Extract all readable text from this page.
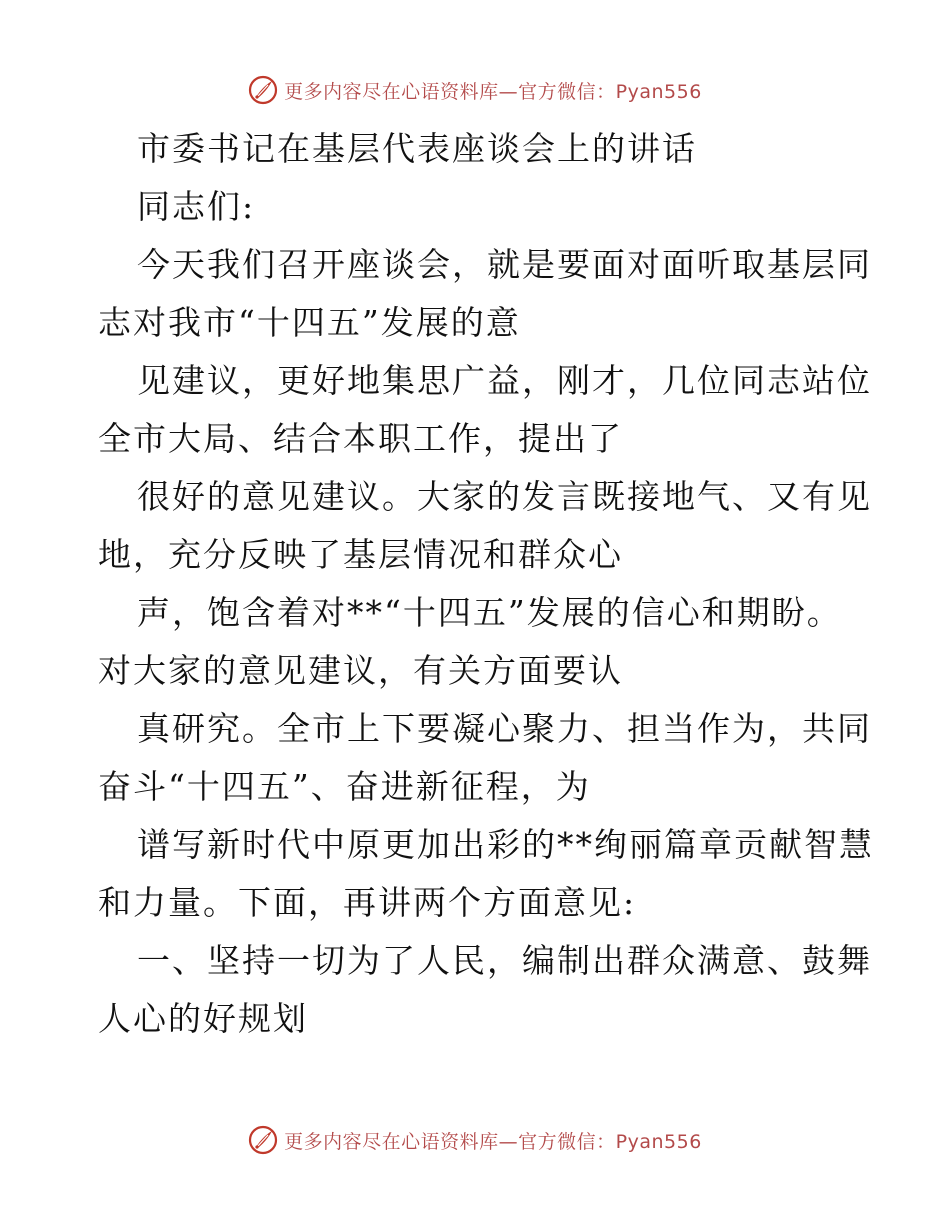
更多内容尽在心语资料库—官方微信：Pyan556
市委书记在基层代表座谈会上的讲话
同志们:
今天我们召开座谈会，就是要面对面听取基层同
志对我市“十四五”发展的意
见建议，更好地集思广益，刚才，几位同志站位
全市大局、结合本职工作，提出了
很好的意见建议。大家的发言既接地气、又有见
地，充分反映了基层情况和群众心
声，饱含着对**“十四五”发展的信心和期盼。
对大家的意见建议，有关方面要认
真研究。全市上下要凝心聚力、担当作为，共同
奋斗“十四五”、奋进新征程，为
谱写新时代中原更加出彩的**绚丽篇章贡献智慧
和力量。下面，再讲两个方面意见:
一、坚持一切为了人民，编制出群众满意、鼓舞
人心的好规划
更多内容尽在心语资料库—官方微信：Pyan556
